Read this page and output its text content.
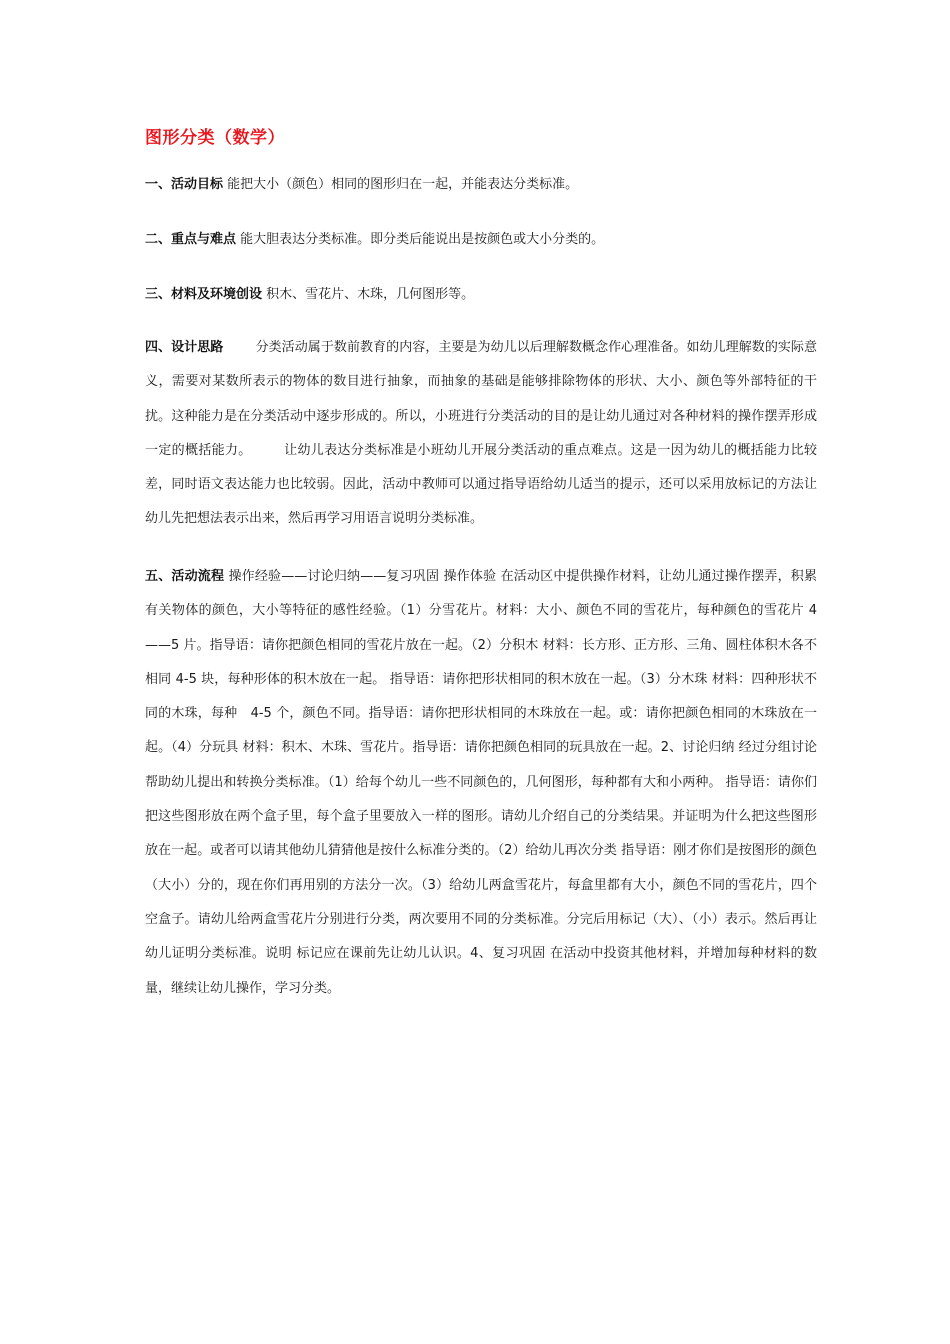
图形分类（数学）

一、活动目标 能把大小（颜色）相同的图形归在一起，并能表达分类标准。

二、重点与难点 能大胆表达分类标准。即分类后能说出是按颜色或大小分类的。

三、材料及环境创设 积木、雪花片、木珠，几何图形等。

四、设计思路 分类活动属于数前教育的内容，主要是为幼儿以后理解数概念作心理准备。如幼儿理解数的实际意义，需要对某数所表示的物体的数目进行抽象，而抽象的基础是能够排除物体的形状、大小、颜色等外部特征的干扰。这种能力是在分类活动中逐步形成的。所以，小班进行分类活动的目的是让幼儿通过对各种材料的操作摆弄形成一定的概括能力。 让幼儿表达分类标准是小班幼儿开展分类活动的重点难点。这是一因为幼儿的概括能力比较差，同时语文表达能力也比较弱。因此，活动中教师可以通过指导语给幼儿适当的提示，还可以采用放标记的方法让幼儿先把想法表示出来，然后再学习用语言说明分类标准。

五、活动流程 操作经验——讨论归纳——复习巩固 操作体验 在活动区中提供操作材料，让幼儿通过操作摆弄，积累有关物体的颜色，大小等特征的感性经验。（1）分雪花片。材料：大小、颜色不同的雪花片，每种颜色的雪花片 4——5 片。指导语：请你把颜色相同的雪花片放在一起。（2）分积木 材料：长方形、正方形、三角、圆柱体积木各不相同 4-5 块，每种形体的积木放在一起。 指导语：请你把形状相同的积木放在一起。（3）分木珠 材料：四种形状不同的木珠，每种　4-5 个，颜色不同。指导语：请你把形状相同的木珠放在一起。或：请你把颜色相同的木珠放在一起。（4）分玩具 材料：积木、木珠、雪花片。指导语：请你把颜色相同的玩具放在一起。2、讨论归纳 经过分组讨论帮助幼儿提出和转换分类标准。（1）给每个幼儿一些不同颜色的，几何图形，每种都有大和小两种。 指导语：请你们把这些图形放在两个盒子里，每个盒子里要放入一样的图形。请幼儿介绍自己的分类结果。并证明为什么把这些图形放在一起。或者可以请其他幼儿猜猜他是按什么标准分类的。（2）给幼儿再次分类 指导语：刚才你们是按图形的颜色（大小）分的，现在你们再用别的方法分一次。（3）给幼儿两盒雪花片，每盒里都有大小，颜色不同的雪花片，四个空盒子。请幼儿给两盒雪花片分别进行分类，两次要用不同的分类标准。分完后用标记（大）、（小）表示。然后再让幼儿证明分类标准。说明 标记应在课前先让幼儿认识。4、复习巩固 在活动中投资其他材料，并增加每种材料的数量，继续让幼儿操作，学习分类。
